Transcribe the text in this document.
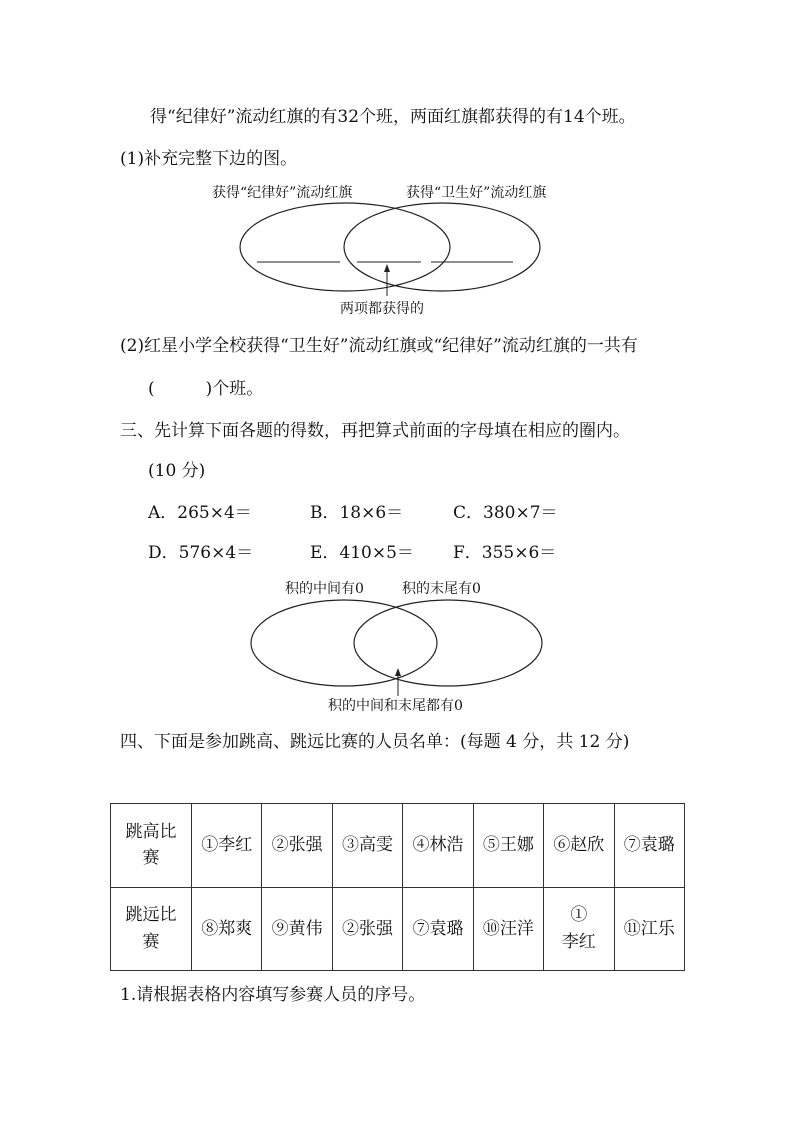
得“纪律好”流动红旗的有32个班，两面红旗都获得的有14个班。
(1)补充完整下边的图。
获得“纪律好”流动红旗	获得“卫生好”流动红旗
两项都获得的
(2)红星小学全校获得“卫生好”流动红旗或“纪律好”流动红旗的一共有
(　　　)个班。
三、先计算下面各题的得数，再把算式前面的字母填在相应的圈内。
(10 分)
A．265×4＝	B．18×6＝	C．380×7＝
D．576×4＝	E．410×5＝ F．355×6＝
积的中间有0	积的末尾有0
积的中间和末尾都有0
四、下面是参加跳高、跳远比赛的人员名单：(每题 4 分，共 12 分)
跳高比赛	①李红	②张强	③高雯	④林浩	⑤王娜	⑥赵欣	⑦袁璐
跳远比赛	⑧郑爽	⑨黄伟	②张强	⑦袁璐	⑩汪洋	① 李红	⑪江乐
1.请根据表格内容填写参赛人员的序号。
